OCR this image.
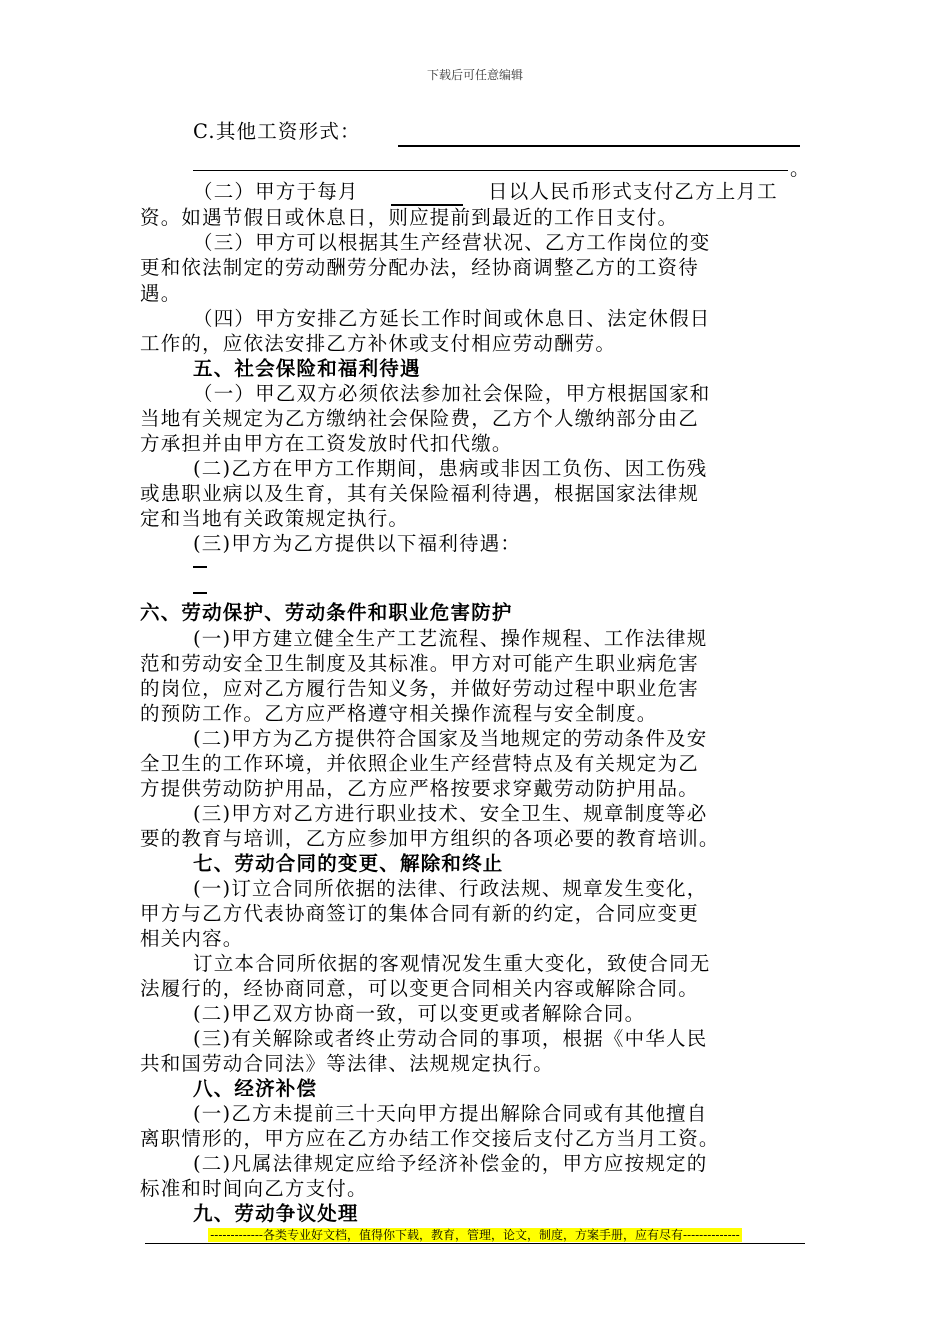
下载后可任意编辑
C.其他工资形式：
。
（二）甲方于每月	日以人民币形式支付乙方上月工
资。如遇节假日或休息日，则应提前到最近的工作日支付。
（三）甲方可以根据其生产经营状况、乙方工作岗位的变
更和依法制定的劳动酬劳分配办法，经协商调整乙方的工资待
遇。
（四）甲方安排乙方延长工作时间或休息日、法定休假日
工作的，应依法安排乙方补休或支付相应劳动酬劳。
五、社会保险和福利待遇
（一）甲乙双方必须依法参加社会保险，甲方根据国家和
当地有关规定为乙方缴纳社会保险费，乙方个人缴纳部分由乙
方承担并由甲方在工资发放时代扣代缴。
(二)乙方在甲方工作期间，患病或非因工负伤、因工伤残
或患职业病以及生育，其有关保险福利待遇，根据国家法律规
定和当地有关政策规定执行。
(三)甲方为乙方提供以下福利待遇：
六、劳动保护、劳动条件和职业危害防护
(一)甲方建立健全生产工艺流程、操作规程、工作法律规
范和劳动安全卫生制度及其标准。甲方对可能产生职业病危害
的岗位，应对乙方履行告知义务，并做好劳动过程中职业危害
的预防工作。乙方应严格遵守相关操作流程与安全制度。
(二)甲方为乙方提供符合国家及当地规定的劳动条件及安
全卫生的工作环境，并依照企业生产经营特点及有关规定为乙
方提供劳动防护用品，乙方应严格按要求穿戴劳动防护用品。
(三)甲方对乙方进行职业技术、安全卫生、规章制度等必
要的教育与培训，乙方应参加甲方组织的各项必要的教育培训。
七、劳动合同的变更、解除和终止
(一)订立合同所依据的法律、行政法规、规章发生变化，
甲方与乙方代表协商签订的集体合同有新的约定，合同应变更
相关内容。
订立本合同所依据的客观情况发生重大变化，致使合同无
法履行的，经协商同意，可以变更合同相关内容或解除合同。
(二)甲乙双方协商一致，可以变更或者解除合同。
(三)有关解除或者终止劳动合同的事项，根据《中华人民
共和国劳动合同法》等法律、法规规定执行。
八、经济补偿
(一)乙方未提前三十天向甲方提出解除合同或有其他擅自
离职情形的，甲方应在乙方办结工作交接后支付乙方当月工资。
(二)凡属法律规定应给予经济补偿金的，甲方应按规定的
标准和时间向乙方支付。
九、劳动争议处理
-------------各类专业好文档，值得你下载，教育，管理，论文，制度，方案手册，应有尽有--------------
